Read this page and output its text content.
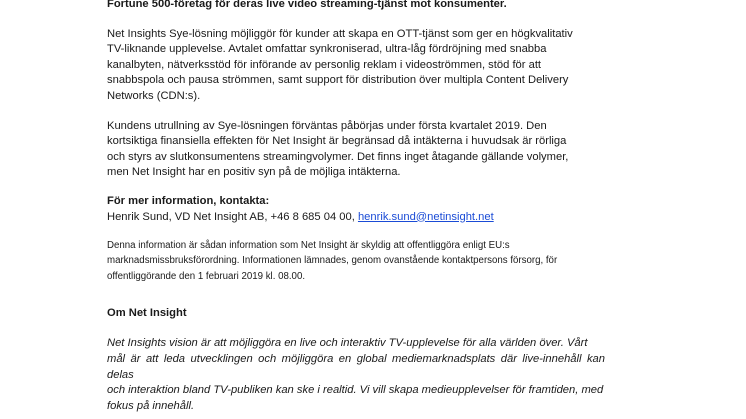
Fortune 500-företag för deras live video streaming-tjänst mot konsumenter.

Net Insights Sye-lösning möjliggör för kunder att skapa en OTT-tjänst som ger en högkvalitativ
TV-liknande upplevelse. Avtalet omfattar synkroniserad, ultra-låg fördröjning med snabba
kanalbyten, nätverksstöd för införande av personlig reklam i videoströmmen, stöd för att
snabbspola och pausa strömmen, samt support för distribution över multipla Content Delivery
Networks (CDN:s).

Kundens utrullning av Sye-lösningen förväntas påbörjas under första kvartalet 2019. Den
kortsiktiga finansiella effekten för Net Insight är begränsad då intäkterna i huvudsak är rörliga
och styrs av slutkonsumentens streamingvolymer. Det finns inget åtagande gällande volymer,
men Net Insight har en positiv syn på de möjliga intäkterna.

För mer information, kontakta:

Henrik Sund, VD Net Insight AB, +46 8 685 04 00, henrik.sund@netinsight.net

Denna information är sådan information som Net Insight är skyldig att offentliggöra enligt EU:s
marknadsmissbruksförordning. Informationen lämnades, genom ovanstående kontaktpersons försorg, för
offentliggörande den 1 februari 2019 kl. 08.00.

Om Net Insight

Net Insights vision är att möjliggöra en live och interaktiv TV-upplevelse för alla världen över. Vårt
mål är att leda utvecklingen och möjliggöra en global mediemarknadsplats där live-innehåll kan delas
och interaktion bland TV-publiken kan ske i realtid. Vi vill skapa medieupplevelser för framtiden, med
fokus på innehåll.
